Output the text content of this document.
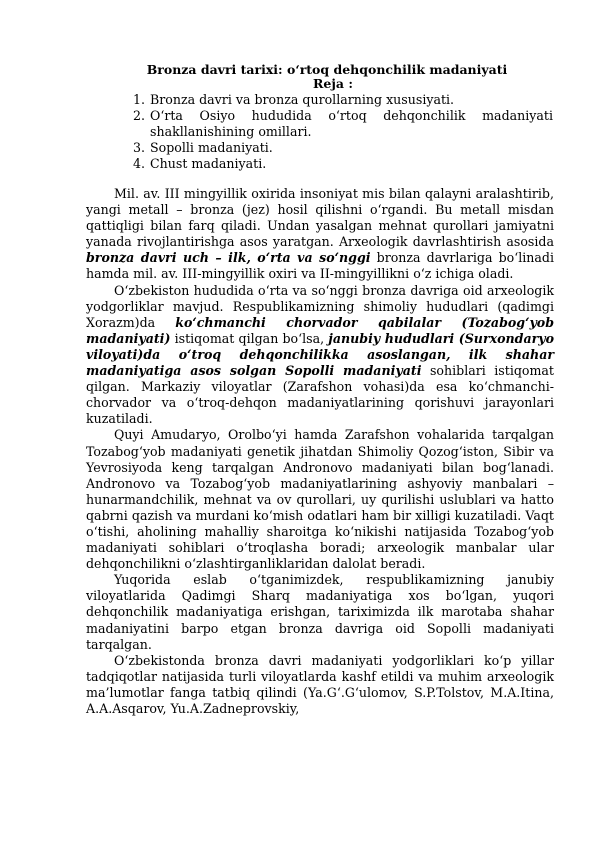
Bronza davri tarixi: o‘rtoq dehqonchilik madaniyati
Reja :
1. Bronza davri va bronza qurollarning xususiyati.
2. O‘rta Osiyo hududida o‘rtoq dehqonchilik madaniyati shakllanishining omillari.
3. Sopolli madaniyati.
4. Chust madaniyati.

Mil. av. III mingyillik oxirida insoniyat mis bilan qalayni aralashtirib, yangi metall – bronza (jez) hosil qilishni o‘rgandi. Bu metall misdan qattiqligi bilan farq qiladi. Undan yasalgan mehnat qurollari jamiyatni yanada rivojlantirishga asos yaratgan. Arxeologik davrlashtirish asosida bronza davri uch – ilk, o‘rta va so‘nggi bronza davrlariga bo‘linadi hamda mil. av. III-mingyillik oxiri va II-mingyillikni o‘z ichiga oladi.

O‘zbekiston hududida o‘rta va so‘nggi bronza davriga oid arxeologik yodgorliklar mavjud. Respublikamizning shimoliy hududlari (qadimgi Xorazm)da ko‘chmanchi chorvador qabilalar (Tozabog‘yob madaniyati) istiqomat qilgan bo‘lsa, janubiy hududlari (Surxondaryo viloyati)da o‘troq dehqonchilikka asoslangan, ilk shahar madaniyatiga asos solgan Sopolli madaniyati sohiblari istiqomat qilgan. Markaziy viloyatlar (Zarafshon vohasi)da esa ko‘chmanchi-chorvador va o‘troq-dehqon madaniyatlarining qorishuvi jarayonlari kuzatiladi.

Quyi Amudaryo, Orolbo‘yi hamda Zarafshon vohalarida tarqalgan Tozabog‘yob madaniyati genetik jihatdan Shimoliy Qozog‘iston, Sibir va Yevrosiyoda keng tarqalgan Andronovo madaniyati bilan bog‘lanadi. Andronovo va Tozabog‘yob madaniyatlarining ashyoviy manbalari – hunarmandchilik, mehnat va ov qurollari, uy qurilishi uslublari va hatto qabrni qazish va murdani ko‘mish odatlari ham bir xilligi kuzatiladi. Vaqt o‘tishi, aholining mahalliy sharoitga ko‘nikishi natijasida Tozabog‘yob madaniyati sohiblari o‘troqlasha boradi; arxeologik manbalar ular dehqonchilikni o‘zlashtirganliklaridan dalolat beradi.

Yuqorida eslab o‘tganimizdek, respublikamizning janubiy viloyatlarida Qadimgi Sharq madaniyatiga xos bo‘lgan, yuqori dehqonchilik madaniyatiga erishgan, tariximizda ilk marotaba shahar madaniyatini barpo etgan bronza davriga oid Sopolli madaniyati tarqalgan.

O‘zbekistonda bronza davri madaniyati yodgorliklari ko‘p yillar tadqiqotlar natijasida turli viloyatlarda kashf etildi va muhim arxeologik ma’lumotlar fanga tatbiq qilindi (Ya.G‘.G‘ulomov, S.P.Tolstov, M.A.Itina, A.A.Asqarov, Yu.A.Zadneprovskiy,
